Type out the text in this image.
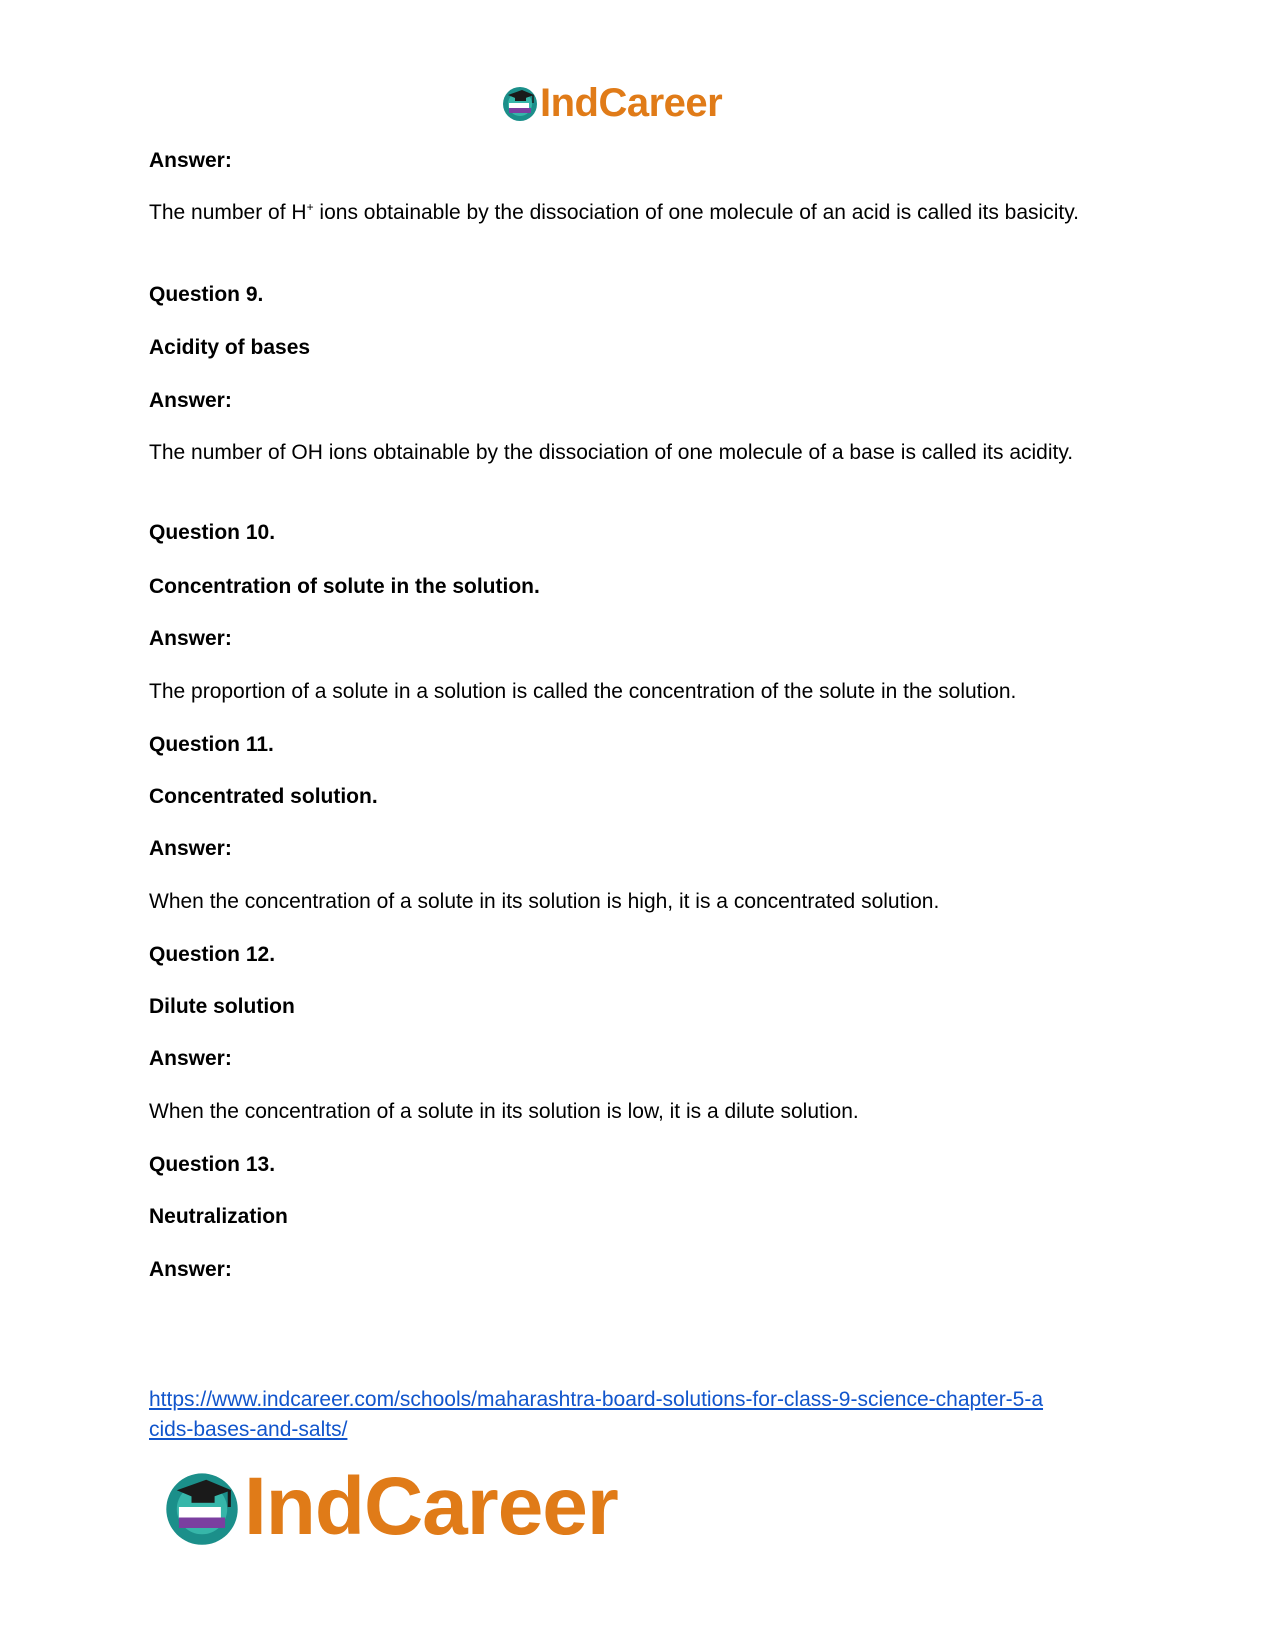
IndCareer
Answer:
The number of H+ ions obtainable by the dissociation of one molecule of an acid is called its basicity.
Question 9.
Acidity of bases
Answer:
The number of OH ions obtainable by the dissociation of one molecule of a base is called its acidity.
Question 10.
Concentration of solute in the solution.
Answer:
The proportion of a solute in a solution is called the concentration of the solute in the solution.
Question 11.
Concentrated solution.
Answer:
When the concentration of a solute in its solution is high, it is a concentrated solution.
Question 12.
Dilute solution
Answer:
When the concentration of a solute in its solution is low, it is a dilute solution.
Question 13.
Neutralization
Answer:
https://www.indcareer.com/schools/maharashtra-board-solutions-for-class-9-science-chapter-5-a
cids-bases-and-salts/
IndCareer
